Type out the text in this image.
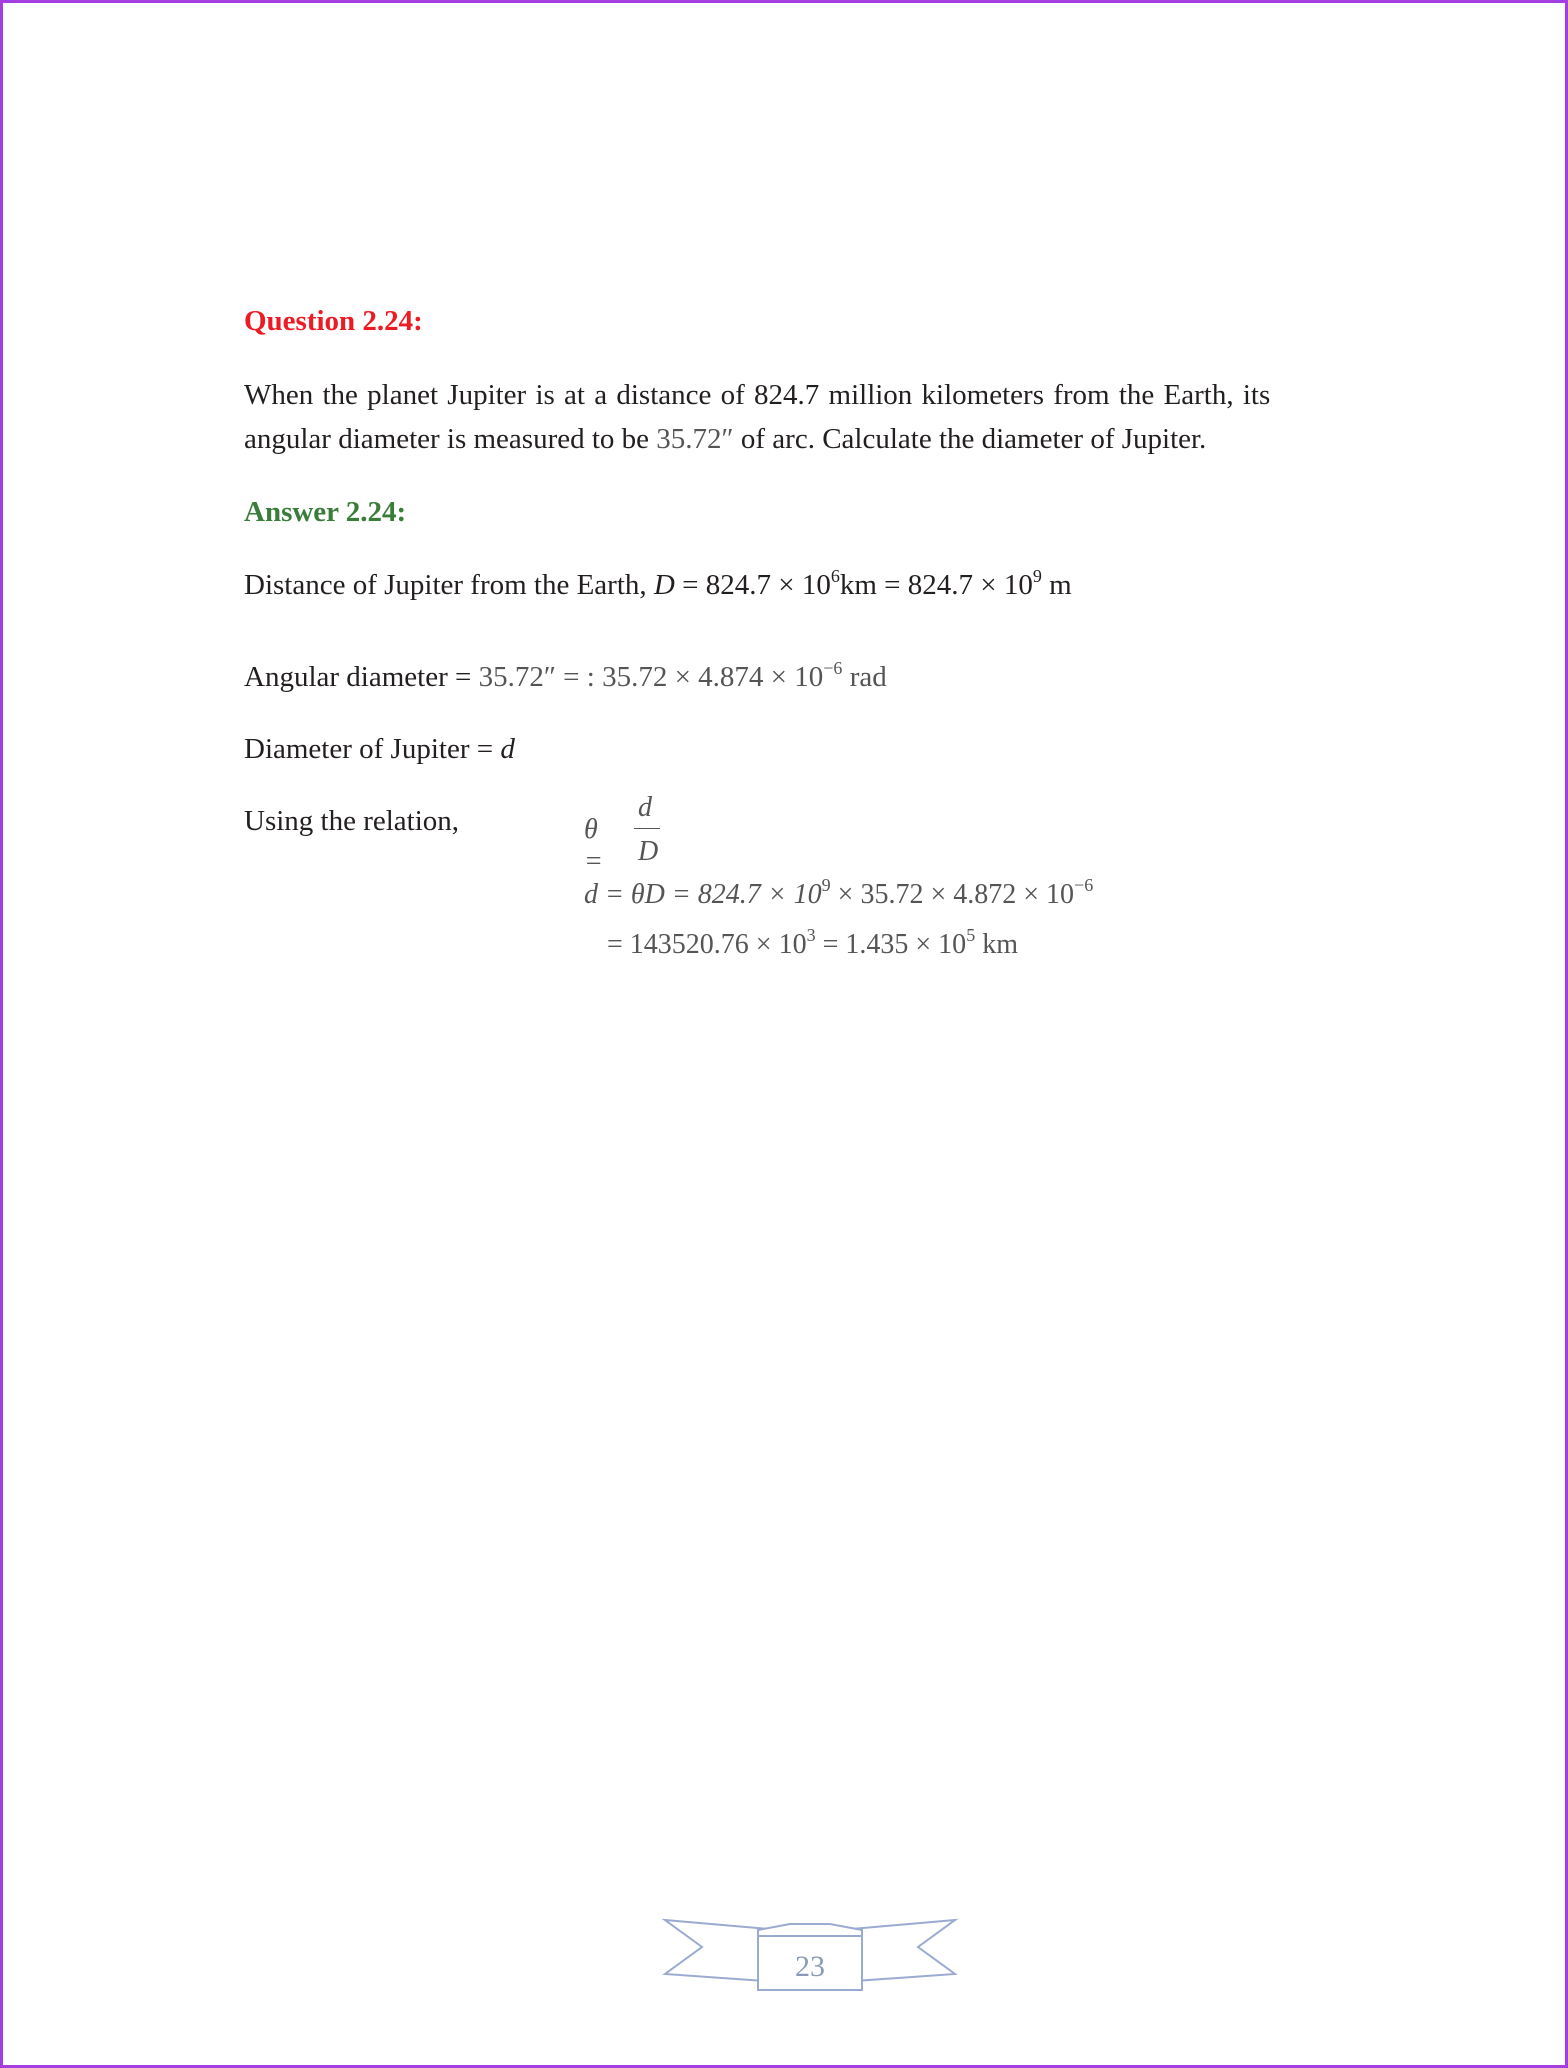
Question 2.24:
When the planet Jupiter is at a distance of 824.7 million kilometers from the Earth, its
angular diameter is measured to be 35.72″ of arc. Calculate the diameter of Jupiter.
Answer 2.24:
Distance of Jupiter from the Earth, $D = 824.7 \times 10^6km = 824.7 \times 10^9$ m
Angular diameter = 35.72″ = : $35.72 \times 4.874 \times 10^{-6}$ rad
Diameter of Jupiter = d
Using the relation,	θ =
d
D
$d = \theta D = 824.7 \times 10^9 \times 35.72 \times 4.872 \times 10^{-6}$
= $143520.76 \times 10^3 = 1.435 \times 10^5$ km
23
